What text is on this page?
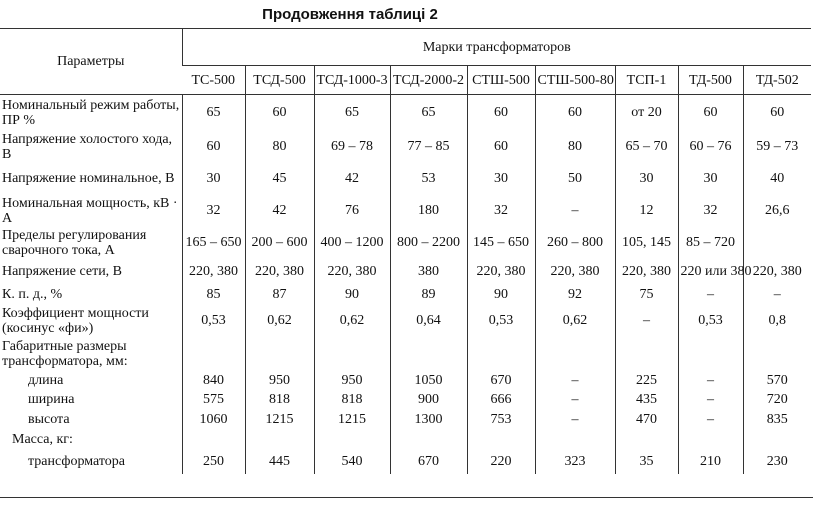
Продовження таблиці 2
Параметры	Марки трансформаторов								
	ТС-500	ТСД-500	ТСД-1000-3	ТСД-2000-2	СТШ-500	СТШ-500-80	ТСП-1	ТД-500	ТД-502
Номинальный режим работы, ПР %	65	60	65	65	60	60	от 20	60	60
Напряжение холостого хода, В	60	80	69 – 78	77 – 85	60	80	65 – 70	60 – 76	59 – 73
Напряжение номинальное, В	30	45	42	53	30	50	30	30	40
Номинальная мощность, кВ · А	32	42	76	180	32	–	12	32	26,6
Пределы регулирования сварочного тока, А	165 – 650	200 – 600	400 – 1200	800 – 2200	145 – 650	260 – 800	105, 145	85 – 720	
Напряжение сети, В	220, 380	220, 380	220, 380	380	220, 380	220, 380	220, 380	220 или 380	220, 380
К. п. д., %	85	87	90	89	90	92	75	–	–
Коэффициент мощности (косинус «фи»)	0,53	0,62	0,62	0,64	0,53	0,62	–	0,53	0,8
Габаритные размеры трансформатора, мм:									
длина	840	950	950	1050	670	–	225	–	570
ширина	575	818	818	900	666	–	435	–	720
высота	1060	1215	1215	1300	753	–	470	–	835
Масса, кг:									
трансформатора	250	445	540	670	220	323	35	210	230
